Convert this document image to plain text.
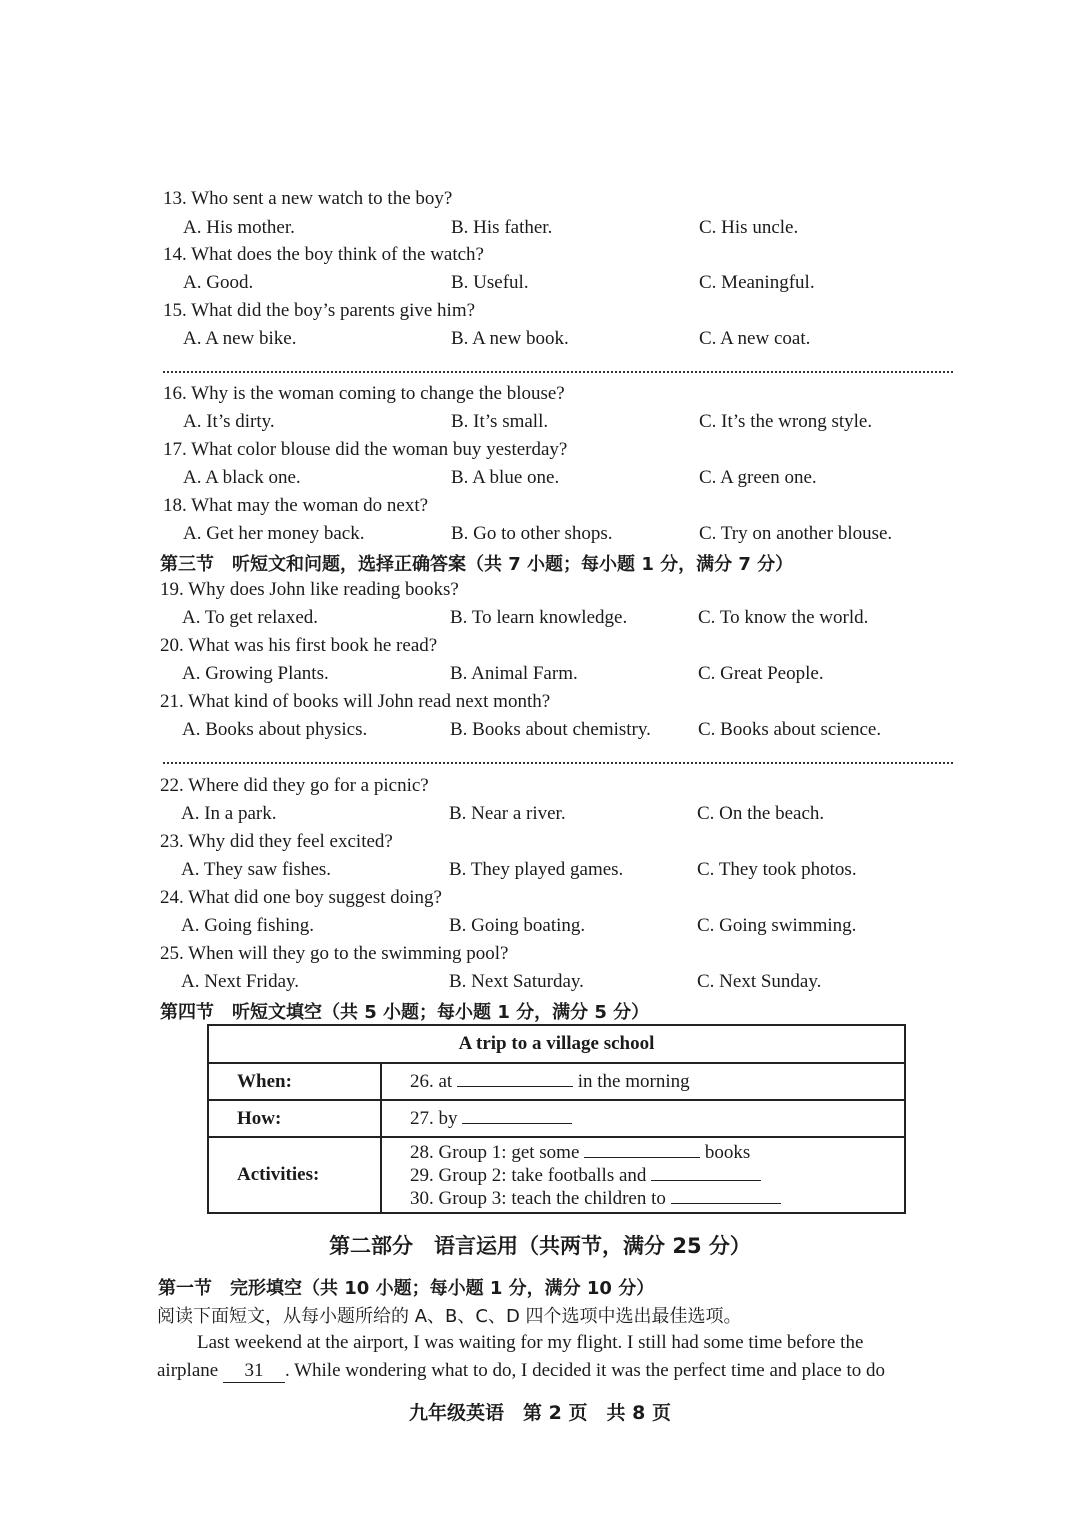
13. Who sent a new watch to the boy?
A. His mother.	B. His father.	C. His uncle.
14. What does the boy think of the watch?
A. Good.	B. Useful.	C. Meaningful.
15. What did the boy’s parents give him?
A. A new bike.	B. A new book.	C. A new coat.
16. Why is the woman coming to change the blouse?
A. It’s dirty.	B. It’s small.	C. It’s the wrong style.
17. What color blouse did the woman buy yesterday?
A. A black one.	B. A blue one.	C. A green one.
18. What may the woman do next?
A. Get her money back.	B. Go to other shops.	C. Try on another blouse.
第三节　听短文和问题，选择正确答案（共 7 小题；每小题 1 分，满分 7 分）
19. Why does John like reading books?
A. To get relaxed.	B. To learn knowledge.	C. To know the world.
20. What was his first book he read?
A. Growing Plants.	B. Animal Farm.	C. Great People.
21. What kind of books will John read next month?
A. Books about physics.	B. Books about chemistry. C. Books about science.
22. Where did they go for a picnic?
A. In a park.	B. Near a river.	C. On the beach.
23. Why did they feel excited?
A. They saw fishes.	B. They played games.	C. They took photos.
24. What did one boy suggest doing?
A. Going fishing.	B. Going boating.	C. Going swimming.
25. When will they go to the swimming pool?
A. Next Friday.	B. Next Saturday.	C. Next Sunday.
第四节　听短文填空（共 5 小题；每小题 1 分，满分 5 分）
A trip to a village school	
When:	26. at in the morning
How:	27. by
Activities:	28. Group 1: get some books
29. Group 2: take footballs and
30. Group 3: teach the children to
第二部分　语言运用（共两节，满分 25 分）
第一节　完形填空（共 10 小题；每小题 1 分，满分 10 分）
阅读下面短文，从每小题所给的 A、B、C、D 四个选项中选出最佳选项。
Last weekend at the airport, I was waiting for my flight. I still had some time before the
airplane 31 . While wondering what to do, I decided it was the perfect time and place to do
九年级英语　第 2 页　共 8 页
